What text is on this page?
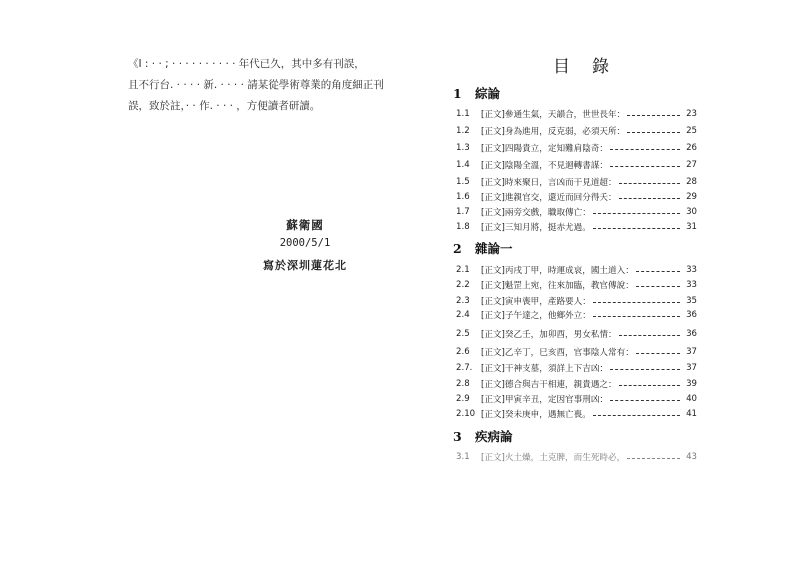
《I : · · ; · · · · · · · · · · 年代已久，其中多有刊誤，

且不行台. · · · · 新. · · · · 請某從學術尊業的角度細正刊

誤，致於註，· · 作. · · · ，方便讀者研讀。

蘇衛國
2000/5/1
寫於深圳蓮花北
目錄
1 綜論
1.1	[正文]參通生氣，天韻合，世世長年：	23
1.2	[正文]身為進用，反克弱，必須天所：	25
1.3	[正文]四陽貴立，定知難肩陰奇：	26
1.4	[正文]陰陽全溫，不見迴轉書謀：	27
1.5	[正文]時來聚日，言凶而干見道超：	28
1.6	[正文]進親官交，還近而回分得夭：	29
1.7	[正文]兩旁交戲，職取傳亡：	30
1.8	[正文]三知月將，挺赤尤過。	31
2 雜論一
2.1	[正文]丙戌丁甲，時運成哀，國土道入：	33
2.2	[正文]魁罡上宛，往來加臨，教官傳說：	33
2.3	[正文]寅申喪甲，產路要人：	35
2.4	[正文]子午達之，他鄉外立：	36
2.5	[正文]癸乙壬，加卯酉，男女私情：	36
2.6	[正文]乙辛丁，巳亥酉，官事陰人常有：	37
2.7. [正文]干神支墓，須詳上下吉凶：	37
2.8	[正文]德合與吉干相連，親貴遇之：	39
2.9	[正文]甲寅辛丑，定因官事刑凶：	40
2.10 [正文]癸未庚申，遇無亡喪。	41
3 疾病論
3.1	[正文]火土燥，土克脾，而生死時必，	43
